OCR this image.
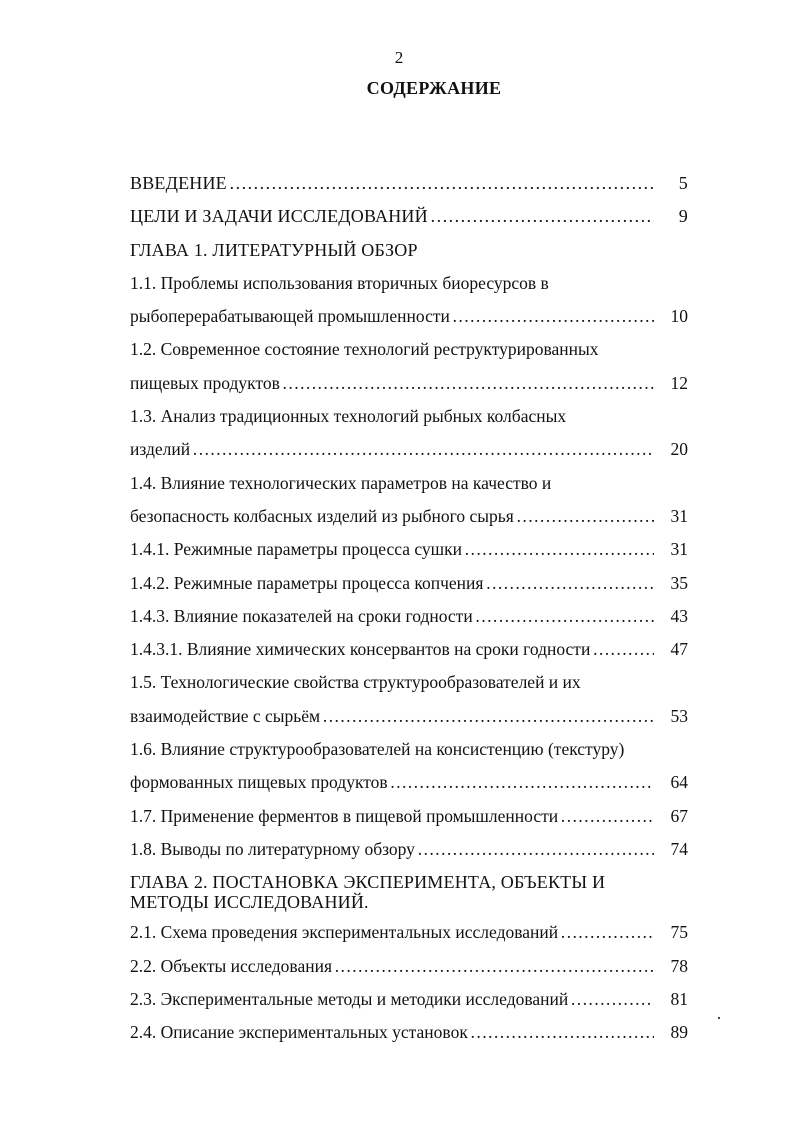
2
СОДЕРЖАНИЕ
ВВЕДЕНИЕ ……………………………………………………………………………………………………………………………………………………………………………………	5
ЦЕЛИ И ЗАДАЧИ ИССЛЕДОВАНИЙ ……………………………………………………………………………………………………………………………………………………………………………………	9
ГЛАВА 1. ЛИТЕРАТУРНЫЙ ОБЗОР
1.1. Проблемы использования вторичных биоресурсов в
рыбоперерабатывающей промышленности ……………………………………………………………………………………………………………………………………………………………………………………	10
1.2. Современное состояние технологий реструктурированных
пищевых продуктов ……………………………………………………………………………………………………………………………………………………………………………………	12
1.3. Анализ традиционных технологий рыбных колбасных
изделий ……………………………………………………………………………………………………………………………………………………………………………………	20
1.4. Влияние технологических параметров на качество и
безопасность колбасных изделий из рыбного сырья ……………………………………………………………………………………………………………………………………………………………………………………	31
1.4.1. Режимные параметры процесса сушки ……………………………………………………………………………………………………………………………………………………………………………………	31
1.4.2. Режимные параметры процесса копчения ……………………………………………………………………………………………………………………………………………………………………………………	35
1.4.3. Влияние показателей на сроки годности ……………………………………………………………………………………………………………………………………………………………………………………	43
1.4.3.1. Влияние химических консервантов на сроки годности ……………………………………………………………………………………………………………………………………………………………………………………	47
1.5. Технологические свойства структурообразователей и их
взаимодействие с сырьём ……………………………………………………………………………………………………………………………………………………………………………………	53
1.6. Влияние структурообразователей на консистенцию (текстуру)
формованных пищевых продуктов ……………………………………………………………………………………………………………………………………………………………………………………	64
1.7. Применение ферментов в пищевой промышленности ……………………………………………………………………………………………………………………………………………………………………………………	67
1.8. Выводы по литературному обзору ……………………………………………………………………………………………………………………………………………………………………………………	74
ГЛАВА 2. ПОСТАНОВКА ЭКСПЕРИМЕНТА, ОБЪЕКТЫ И
МЕТОДЫ ИССЛЕДОВАНИЙ.
2.1. Схема проведения экспериментальных исследований ……………………………………………………………………………………………………………………………………………………………………………………	75
2.2. Объекты исследования ……………………………………………………………………………………………………………………………………………………………………………………	78
2.3. Экспериментальные методы и методики исследований ……………………………………………………………………………………………………………………………………………………………………………………	81
2.4. Описание экспериментальных установок ……………………………………………………………………………………………………………………………………………………………………………………	89
